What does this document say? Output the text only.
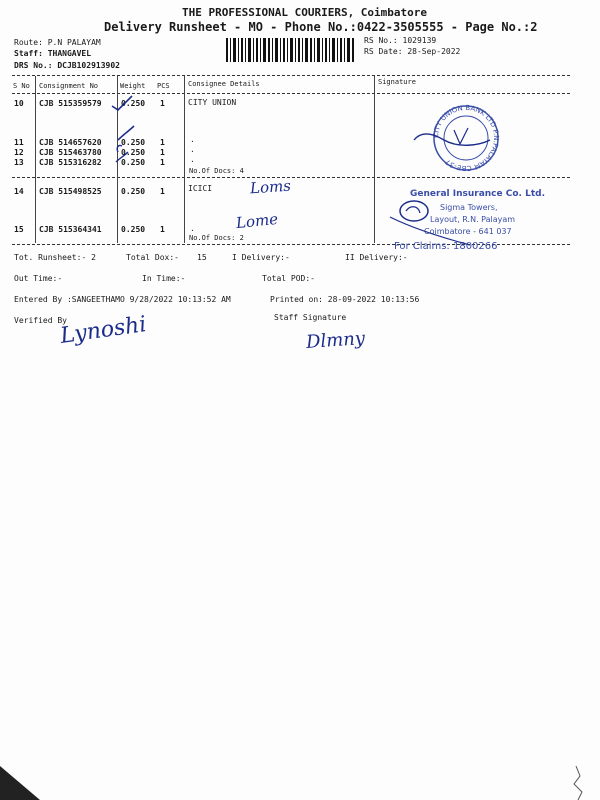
THE PROFESSIONAL COURIERS, Coimbatore
Delivery Runsheet - MO - Phone No.:0422-3505555 - Page No.:2
Route: P.N PALAYAM
Staff: THANGAVEL
DRS No.: DCJB102913902
RS No.: 1029139
RS Date: 28-Sep-2022
S No Consignment No	Weight PCS	Consignee Details	Signature
10 CJB 515359579 0.250 1	CITY UNION
11 CJB 514657620 0.250 1	.
12 CJB 515463780 0.250 1	.
13 CJB 515316282 0.250 1	.
No.Of Docs: 4
14 CJB 515498525 0.250 1	ICICI
15 CJB 515364341 0.250 1	.
No.Of Docs: 2
Loms
Lome
CITY UNION BANK LTD P.N.PALAYAM CBE-37
General Insurance Co. Ltd.
Sigma Towers,
Layout, R.N. Palayam
Coimbatore - 641 037
For Claims: 1800266
Tot. Runsheet:- 2	Total Dox:- 15	I Delivery:-	II Delivery:-
Out Time:-	In Time:-	Total POD:-
Entered By :SANGEETHAMO 9/28/2022 10:13:52 AM	Printed on: 28-09-2022 10:13:56
Verified By	Staff Signature
Lynoshi	Dlmny
